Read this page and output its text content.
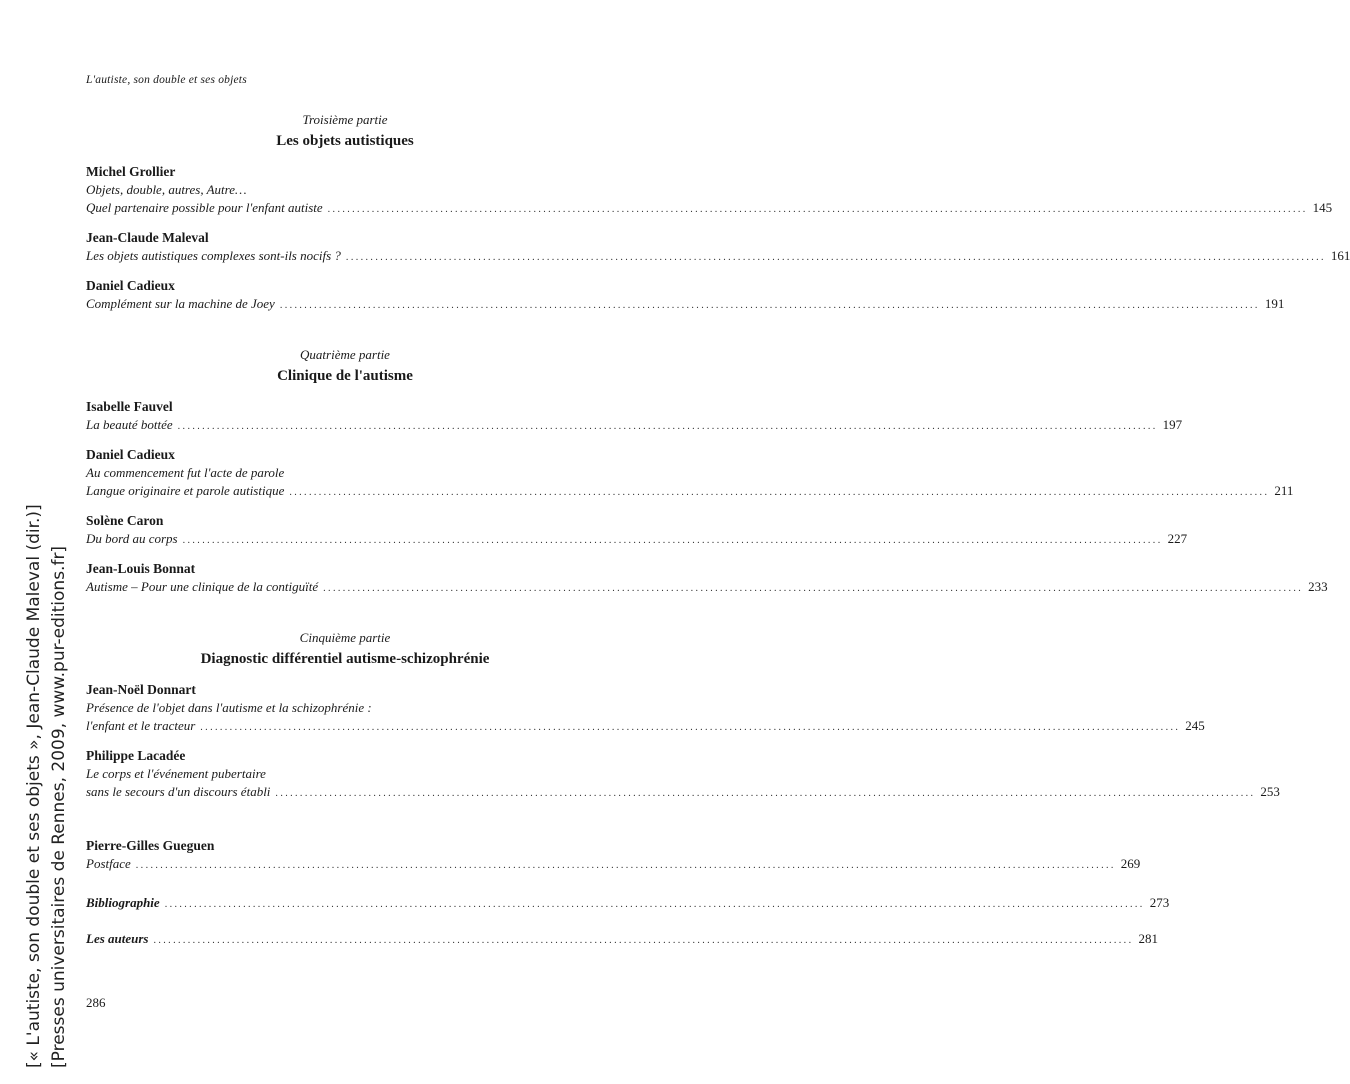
L'autiste, son double et ses objets
Troisième partie
Les objets autistiques
Michel Grollier
Objets, double, autres, Autre…
Quel partenaire possible pour l'enfant autiste ........................................................................................................................................................................................................ 145
Jean-Claude Maleval
Les objets autistiques complexes sont-ils nocifs ? ........................................................................................................................................................................................................ 161
Daniel Cadieux
Complément sur la machine de Joey ........................................................................................................................................................................................................ 191
Quatrième partie
Clinique de l'autisme
Isabelle Fauvel
La beauté bottée ........................................................................................................................................................................................................ 197
Daniel Cadieux
Au commencement fut l'acte de parole
Langue originaire et parole autistique ........................................................................................................................................................................................................ 211
Solène Caron
Du bord au corps ........................................................................................................................................................................................................ 227
Jean-Louis Bonnat
Autisme – Pour une clinique de la contiguïté ........................................................................................................................................................................................................ 233
Cinquième partie
Diagnostic différentiel autisme-schizophrénie
Jean-Noël Donnart
Présence de l'objet dans l'autisme et la schizophrénie :
l'enfant et le tracteur ........................................................................................................................................................................................................ 245
Philippe Lacadée
Le corps et l'événement pubertaire
sans le secours d'un discours établi ........................................................................................................................................................................................................ 253
Pierre-Gilles Gueguen
Postface ........................................................................................................................................................................................................ 269
Bibliographie ........................................................................................................................................................................................................ 273
Les auteurs ........................................................................................................................................................................................................ 281
286
[« L'autiste, son double et ses objets », Jean-Claude Maleval (dir.)] [Presses universitaires de Rennes, 2009, www.pur-editions.fr]
